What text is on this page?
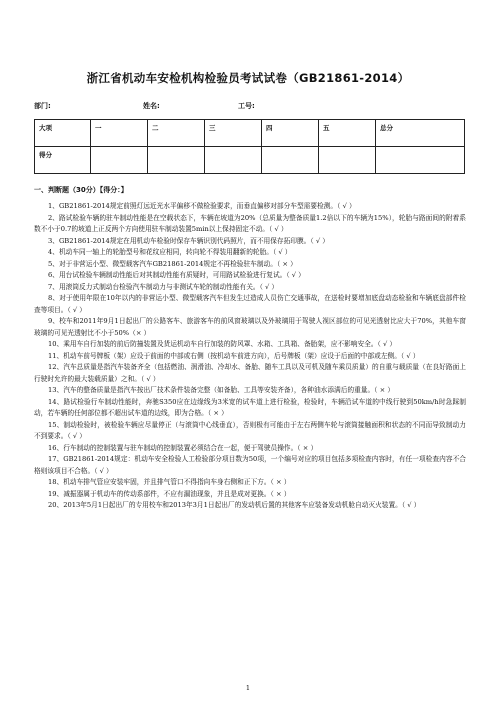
浙江省机动车安检机构检验员考试试卷（GB21861-2014）
部门:	姓名:	工号:
大项	一	二	三	四	五	总分
得分						
一、判断题（30分）【得分：】

1、GB21861-2014规定前照灯远近光水平偏移不做检验要求，而垂直偏移对部分车型需要检测。（ √ ）

2、路试检验车辆的驻车制动性能是在空载状态下，车辆在坡道为20%（总质量为整备质量1.2倍以下的车辆为15%），轮胎与路面间的附着系数不小于0.7的坡道上正反两个方向使用驻车制动装置5min以上保持固定不动。（ √ ）

3、GB21861-2014规定在用机动车检验时保存车辆识别代码照片，而不用保存拓印膜。（ √ ）

4、机动车同一轴上的轮胎型号和花纹应相同，转向轮不得装用翻新的轮胎。（ √ ）

5、对于非营运小型、微型载客汽车GB21861-2014规定不再检验驻车制动。（ × ）

6、用台试检验车辆制动性能后对其制动性能有质疑时，可用路试检验进行复试。（ √ ）

7、用滚筒反力式制动台检验汽车制动力与非测试车轮的制动性能有关。（ √ ）

8、对于使用年限在10年以内的非营运小型、微型载客汽车但发生过造成人员伤亡交通事故，在送检时要增加底盘动态检验和车辆底盘部件检查等项目。（ √ ）

9、校车和2011年9月1日起出厂的公路客车、旅游客车的前风窗玻璃以及外玻璃用于驾驶人视区部位的可见光透射比应大于70%，其他车窗玻璃的可见光透射比不小于50%（× ）

10、乘用车自行加装的前后防撞装置及货运机动车自行加装的防风罩、水箱、工具箱、备胎架，应不影响安全。（ √ ）

11、机动车前号牌板（架）应设于前面的中部或右侧（按机动车前进方向），后号牌板（架）应设于后面的中部或左侧。（ √ ）

12、汽车总质量是指汽车装备齐全（包括燃油、润滑油、冷却水、备胎、随车工具以及可机及随车乘员质量）的自重与载质量（在良好路面上行驶时允许的最大装载质量）之和。（ √ ）

13、汽车的整备质量是指汽车按出厂技术条件装备完整（如备胎、工具等安装齐备），各种油水添满后的重量。（ × ）

14、路试检验行车制动性能时，奔驰S350应在边缘线为3米宽的试车道上进行检验，检验时，车辆沿试车道的中线行驶到50km/h时急踩制动，若车辆的任何部位都不超出试车道的边线，即为合格。（ × ）

15、制动检验时，被检验车辆应尽量停正（与滚筒中心线垂直），否则极有可能由于左右两侧车轮与滚筒接触面积和状态的不同而导致制动力不到要求。（ √ ）

16、行车制动的控制装置与驻车制动的控制装置必须结合在一起，便于驾驶员操作。（ × ）

17、GB21861-2014规定：机动车安全检验人工检验部分项目数为50项，一个编号对应的项目包括多项检查内容时，有任一项检查内容不合格则该项目不合格。（ √ ）

18、机动车排气管应安装牢固，并且排气管口不得指向车身右侧和正下方。（ × ）

19、减振器属于机动车的传动系部件，不应有漏油现象，并且是成对更换。（ × ）

20、2013年5月1日起出厂的专用校车和2013年3月1日起出厂的发动机后置的其他客车应装备发动机舱自动灭火装置。（ √ ）

1
